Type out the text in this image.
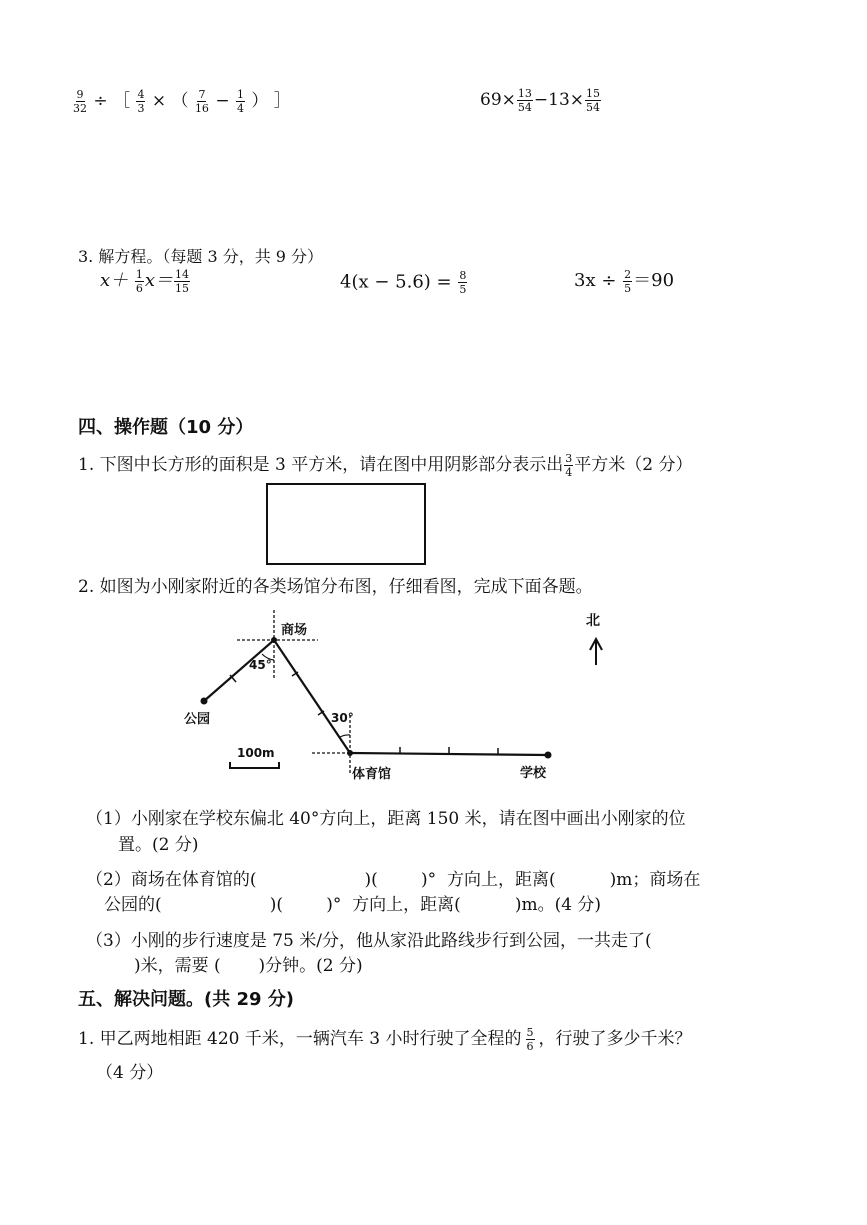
$\frac{9}{32}$ ÷ ［ $\frac{4}{3}$ × （ $\frac{7}{16} - \frac{1}{4}$ ） ］	$69\times \frac{13}{54} -13\times \frac{15}{54}$
3. 解方程。（每题 3 分，共 9 分）
$x+ \frac{1}{6} x= \frac{14}{15}$	$4(x - 5.6) = \frac{8}{5}$	$3x \div \frac{2}{5} =90$
四、操作题（10 分）
1. 下图中长方形的面积是 3 平方米，请在图中用阴影部分表示出 $\frac{3}{4}$ 平方米（2 分）
2. 如图为小刚家附近的各类场馆分布图，仔细看图，完成下面各题。
商场
公园
体育馆	学校
北
100m
45°
30°
（1）小刚家在学校东偏北 40°方向上，距离 150 米，请在图中画出小刚家的位
置。(2 分)
（2）商场在体育馆的(                    )(        )°  方向上，距离(          )m；商场在
公园的(                    )(        )°  方向上，距离(          )m。(4 分)
（3）小刚的步行速度是 75 米/分，他从家沿此路线步行到公园，一共走了(
)米，需要 (       )分钟。(2 分)
五、解决问题。(共 29 分)
1. 甲乙两地相距 420 千米，一辆汽车 3 小时行驶了全程的 $\frac{5}{6}$ ，行驶了多少千米？
（4 分）
